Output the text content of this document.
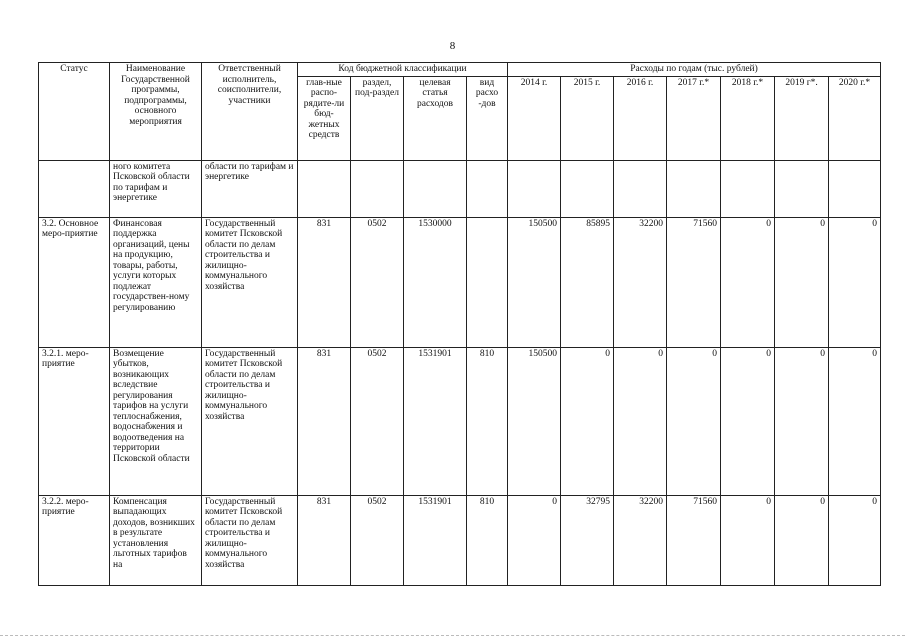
8
Статус	Наименование Государственной программы, подпрограммы, основного мероприятия	Ответственный исполнитель, соисполнители, участники	Код бюджетной классификации				Расходы по годам (тыс. рублей)						
			глав-ные распо-рядите-ли бюд-жетных средств	раздел, под-раздел	целевая статья расходов	вид расхо -дов	2014 г.	2015 г.	2016 г.	2017 г.*	2018 г.*	2019 г*.	2020 г.*
	ного комитета Псковской области по тарифам и энергетике	области по тарифам и энергетике											
3.2. Основное меро-приятие	Финансовая поддержка организаций, цены на продукцию, товары, работы, услуги которых подлежат государствен-ному регулированию	Государственный комитет Псковской области по делам строительства и жилищно-коммунального хозяйства	831	0502	1530000		150500	85895	32200	71560	0	0	0
3.2.1. меро-приятие	Возмещение убытков, возникающих вследствие регулирования тарифов на услуги теплоснабжения, водоснабжения и водоотведения на территории Псковской области	Государственный комитет Псковской области по делам строительства и жилищно-коммунального хозяйства	831	0502	1531901	810	150500	0	0	0	0	0	0
3.2.2. меро-приятие	Компенсация выпадающих доходов, возникших в результате установления льготных тарифов на	Государственный комитет Псковской области по делам строительства и жилищно-коммунального хозяйства	831	0502	1531901	810	0	32795	32200	71560	0	0	0
